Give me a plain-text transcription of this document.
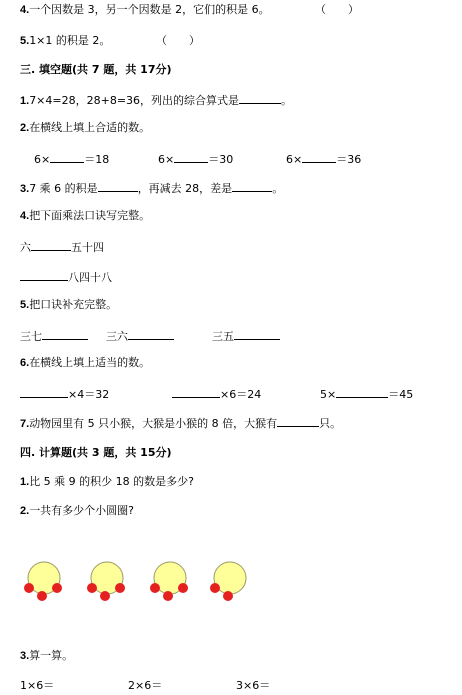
4.一个因数是 3，另一个因数是 2，它们的积是 6。	（　　）
5.1×1 的积是 2。	（　　）
三. 填空题(共 7 题，共 17分)
1.7×4=28，28+8=36，列出的综合算式是	。
2.在横线上填上合适的数。
6×	＝18	6×	＝30	6×	＝36
3.7 乘 6 的积是	，再减去 28，差是	。
4.把下面乘法口诀写完整。
六	五十四
八四十八
5.把口诀补充完整。
三七	三六	三五
6.在横线上填上适当的数。
×4＝32	×6＝24	5×	＝45
7.动物园里有 5 只小猴，大猴是小猴的 8 倍，大猴有	只。
四. 计算题(共 3 题，共 15分)
1.比 5 乘 9 的积少 18 的数是多少?
2.一共有多少个小圆圈?
3.算一算。
1×6＝	2×6＝	3×6＝
